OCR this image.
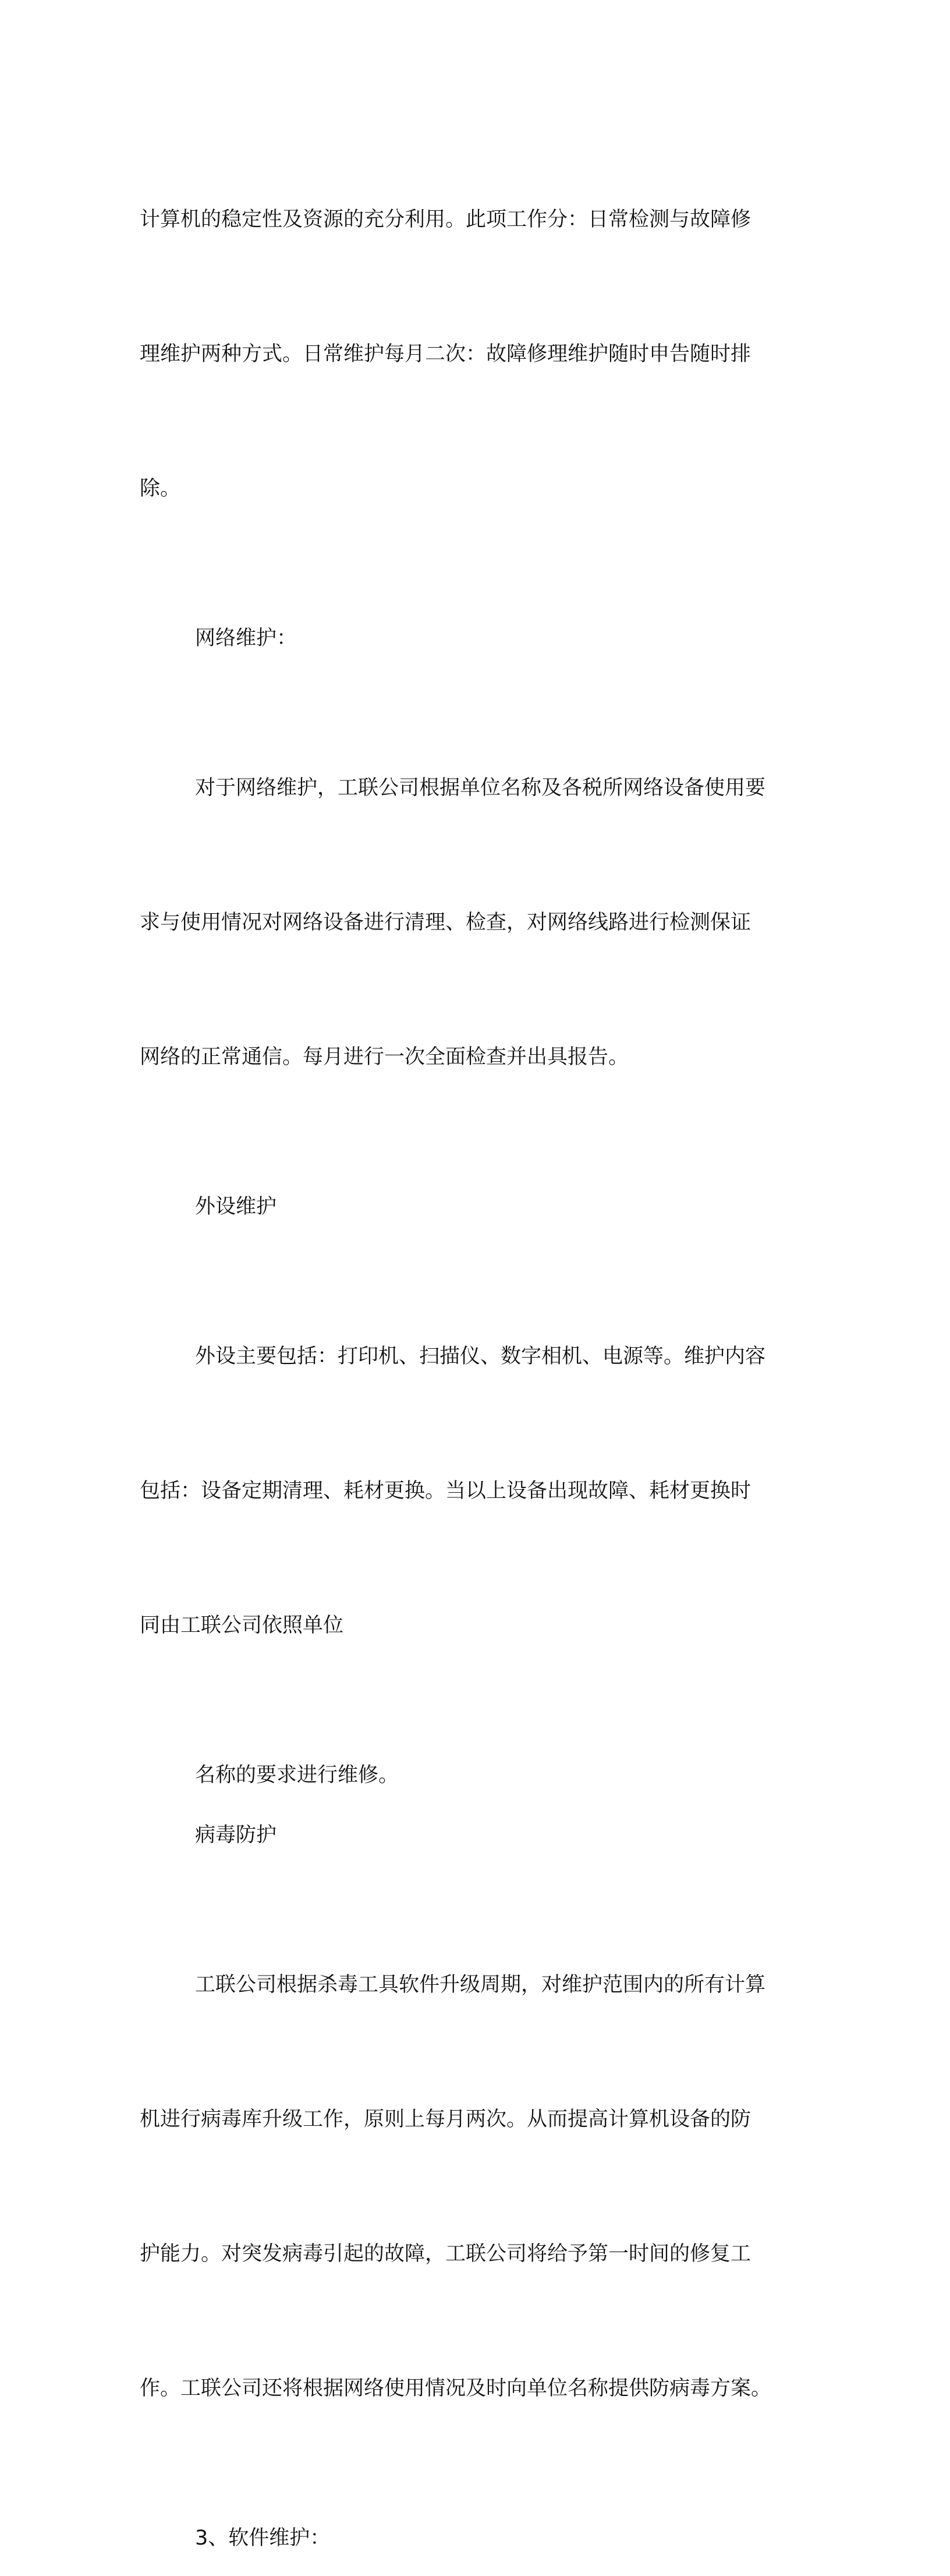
计算机的稳定性及资源的充分利用。此项工作分：日常检测与故障修

理维护两种方式。日常维护每月二次：故障修理维护随时申告随时排

除。

网络维护：

对于网络维护，工联公司根据单位名称及各税所网络设备使用要

求与使用情况对网络设备进行清理、检查，对网络线路进行检测保证

网络的正常通信。每月进行一次全面检查并出具报告。

外设维护

外设主要包括：打印机、扫描仪、数字相机、电源等。维护内容

包括：设备定期清理、耗材更换。当以上设备出现故障、耗材更换时

同由工联公司依照单位

名称的要求进行维修。
病毒防护

工联公司根据杀毒工具软件升级周期，对维护范围内的所有计算

机进行病毒库升级工作，原则上每月两次。从而提高计算机设备的防

护能力。对突发病毒引起的故障，工联公司将给予第一时间的修复工

作。工联公司还将根据网络使用情况及时向单位名称提供防病毒方案。

3、软件维护：
